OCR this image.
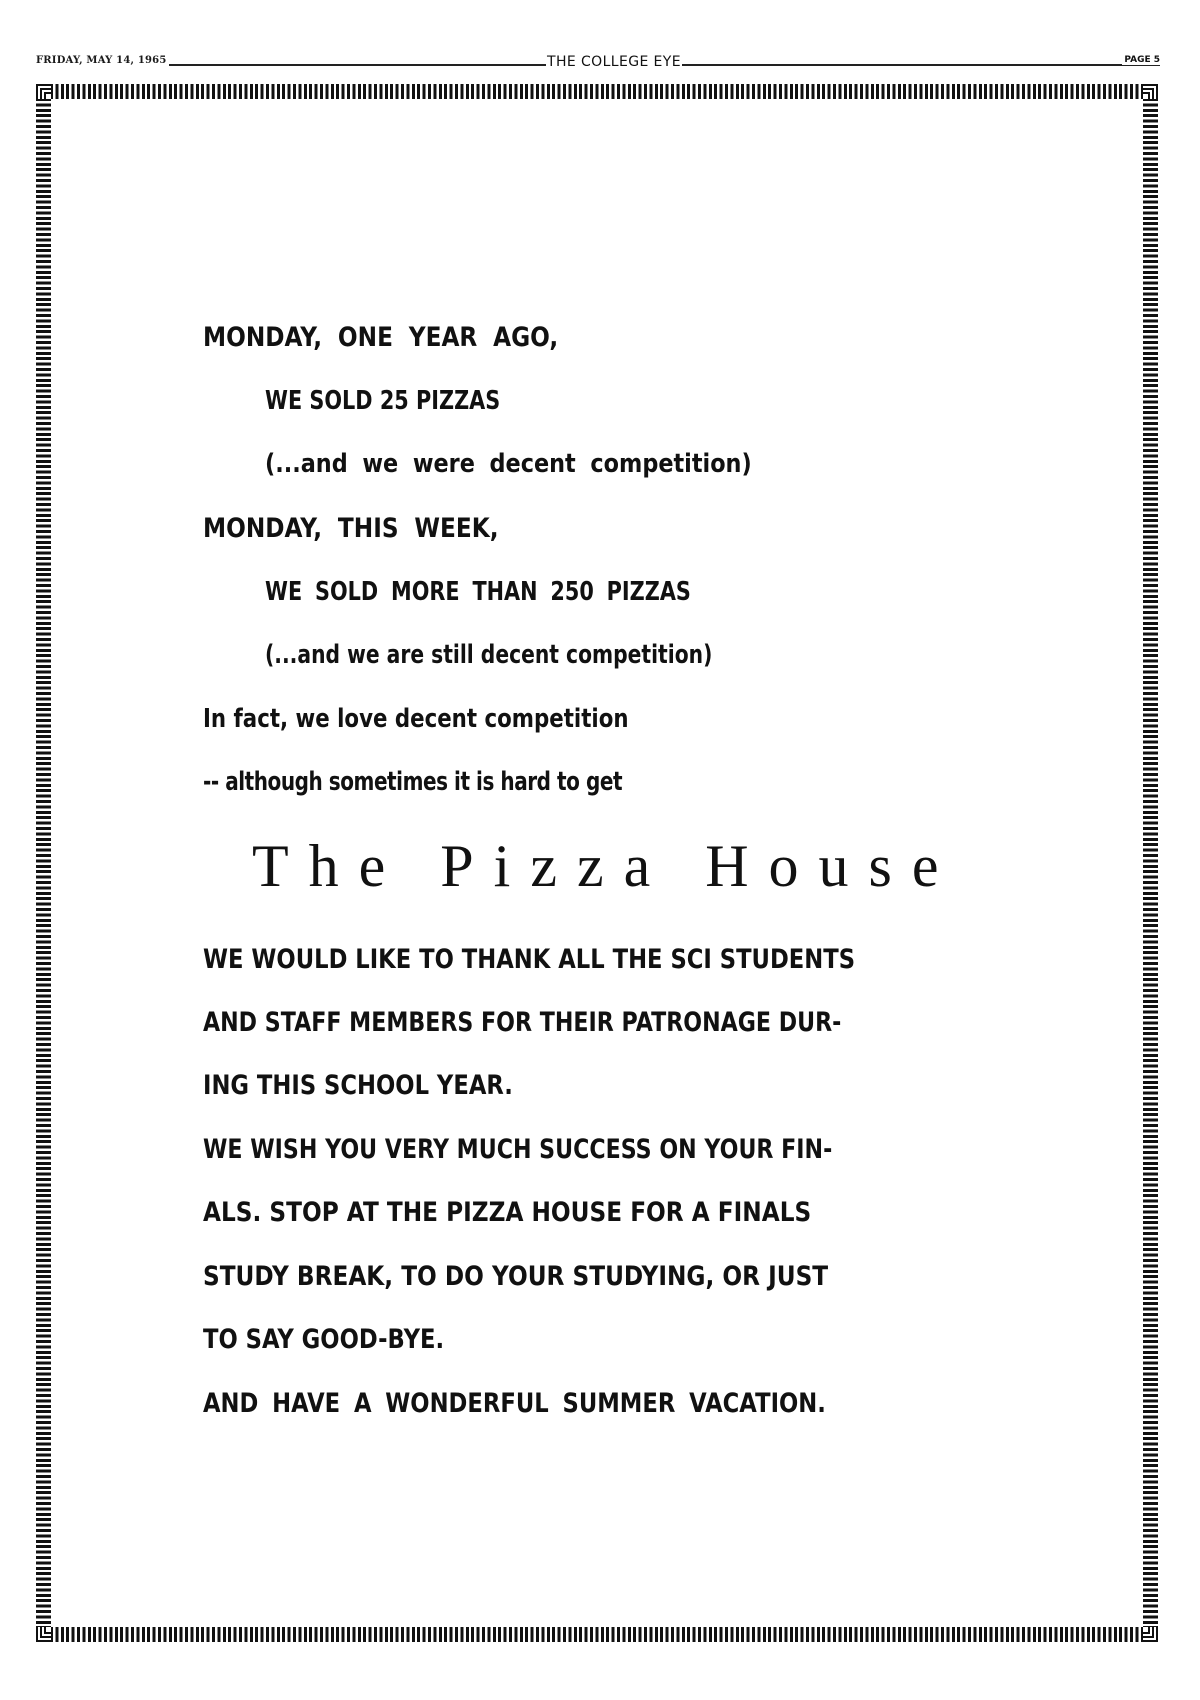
FRIDAY, MAY 14, 1965	THE COLLEGE EYE	PAGE 5
MONDAY, ONE YEAR AGO,
WE SOLD 25 PIZZAS
(...and we were decent competition)
MONDAY, THIS WEEK,
WE SOLD MORE THAN 250 PIZZAS
(...and we are still decent competition)
In fact, we love decent competition
-- although sometimes it is hard to get
The Pizza House
WE WOULD LIKE TO THANK ALL THE SCI STUDENTS
AND STAFF MEMBERS FOR THEIR PATRONAGE DUR-
ING THIS SCHOOL YEAR.
WE WISH YOU VERY MUCH SUCCESS ON YOUR FIN-
ALS. STOP AT THE PIZZA HOUSE FOR A FINALS
STUDY BREAK, TO DO YOUR STUDYING, OR JUST
TO SAY GOOD-BYE.
AND HAVE A WONDERFUL SUMMER VACATION.
